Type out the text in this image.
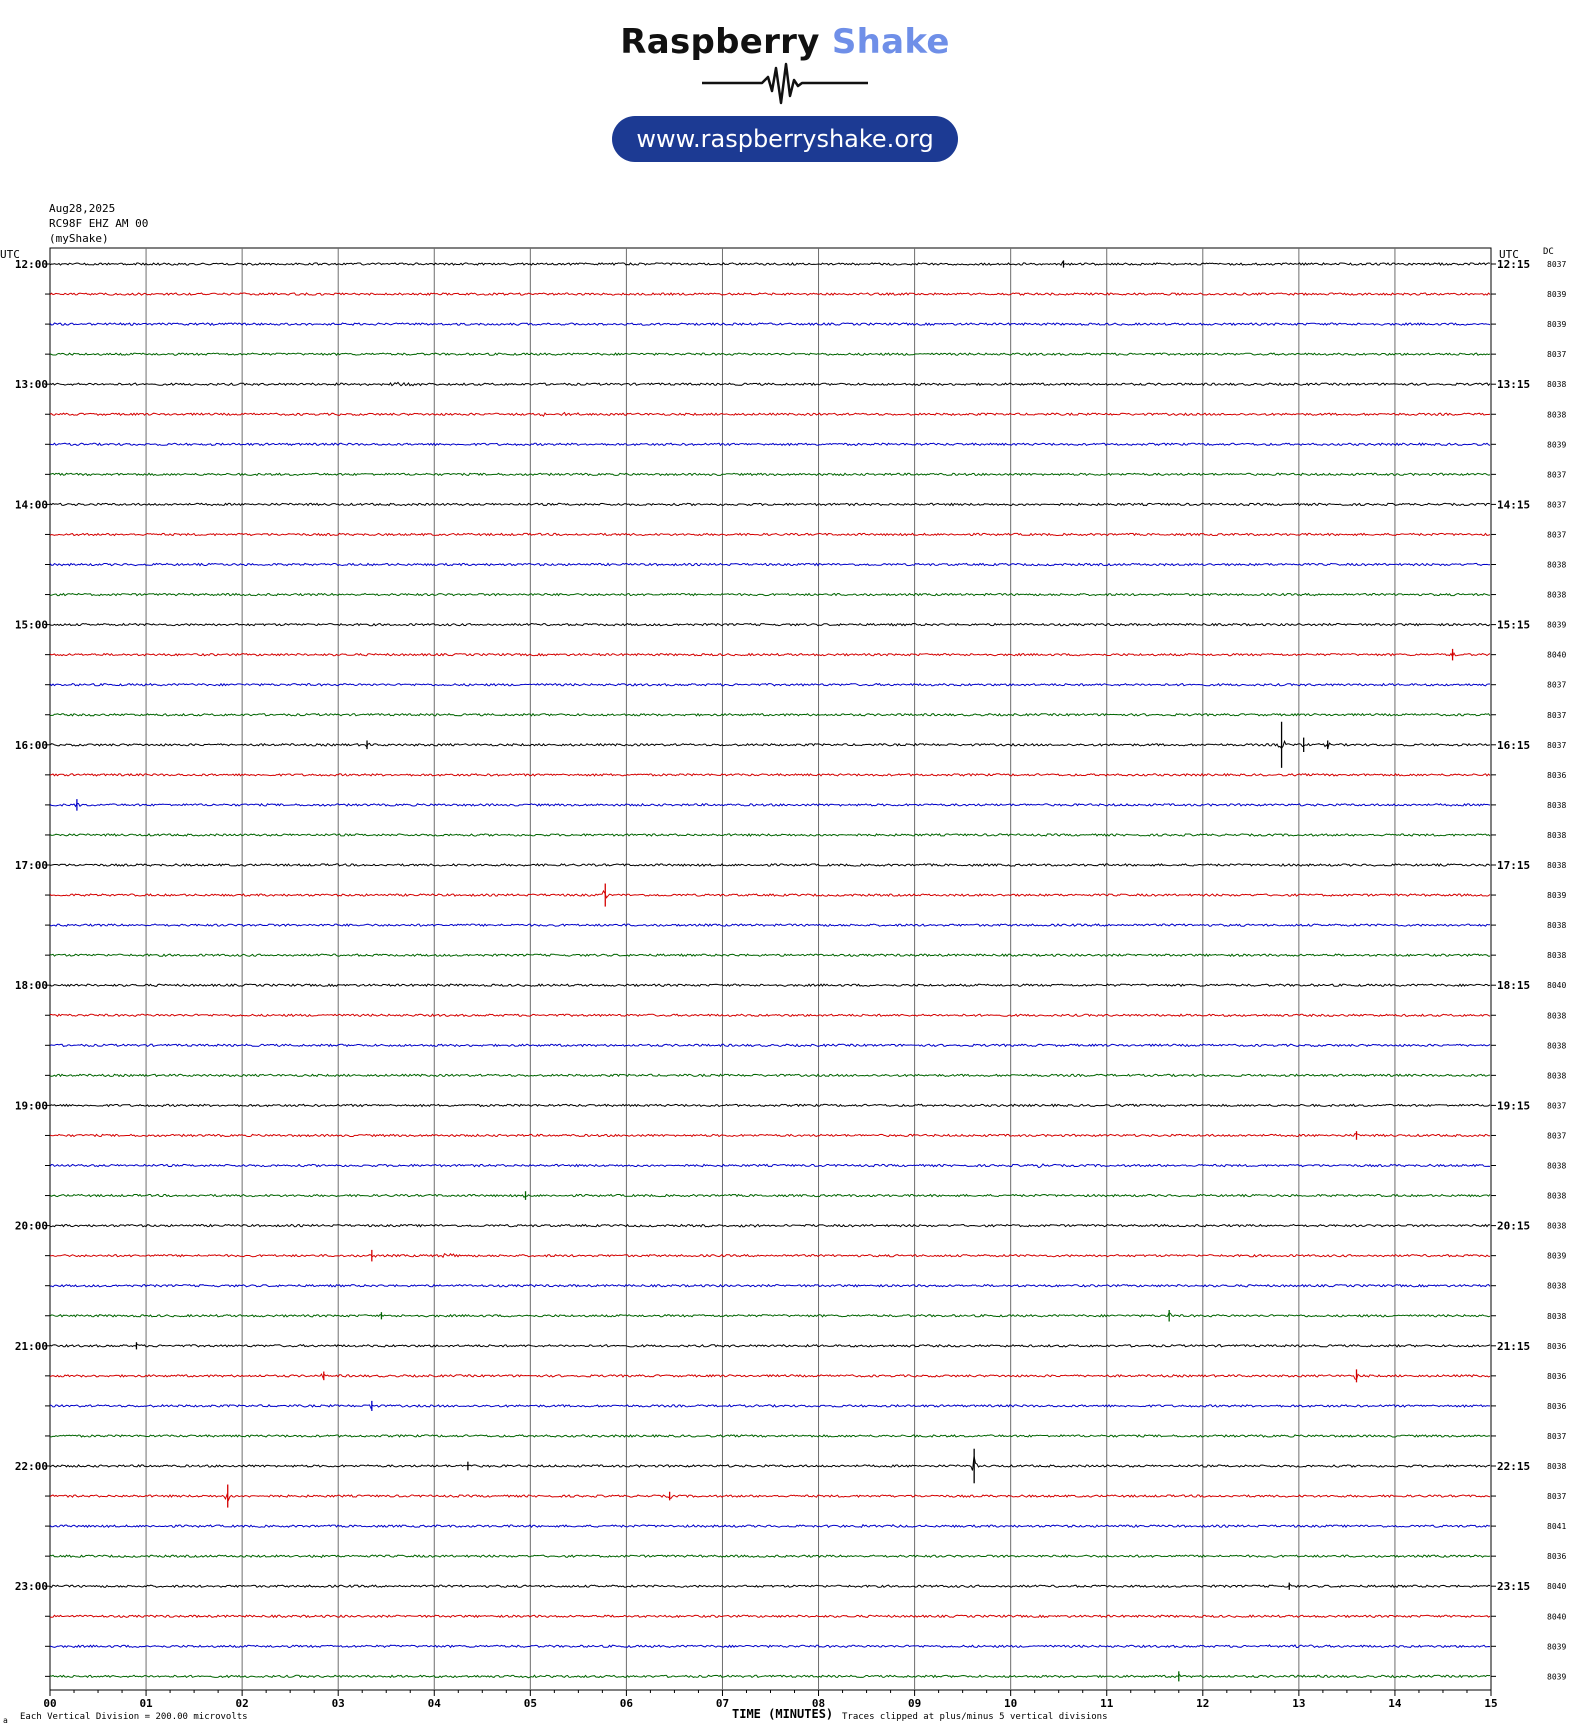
Raspberry Shake
www.raspberryshake.org
Aug28,2025
RC98F EHZ AM 00
(myShake)
UTC	UTC	DC
00	01	02	03	04	05	06	07	08	09	10	11	12	13	14	15
12:00	12:15 8037
8039
8039
8037
13:00	13:15 8038
8038
8039
8037
14:00	14:15 8037
8037
8038
8038
15:00	15:15 8039
8040
8037
8037
16:00	16:15 8037
8036
8038
8038
17:00	17:15 8038
8039
8038
8038
18:00	18:15 8040
8038
8038
8038
19:00	19:15 8037
8037
8038
8038
20:00	20:15 8038
8039
8038
8038
21:00	21:15 8036
8036
8036
8037
22:00	22:15 8038
8037
8041
8036
23:00	23:15 8040
8040
8039
8039
a Each Vertical Division = 200.00 microvolts	TIME (MINUTES) Traces clipped at plus/minus 5 vertical divisions
